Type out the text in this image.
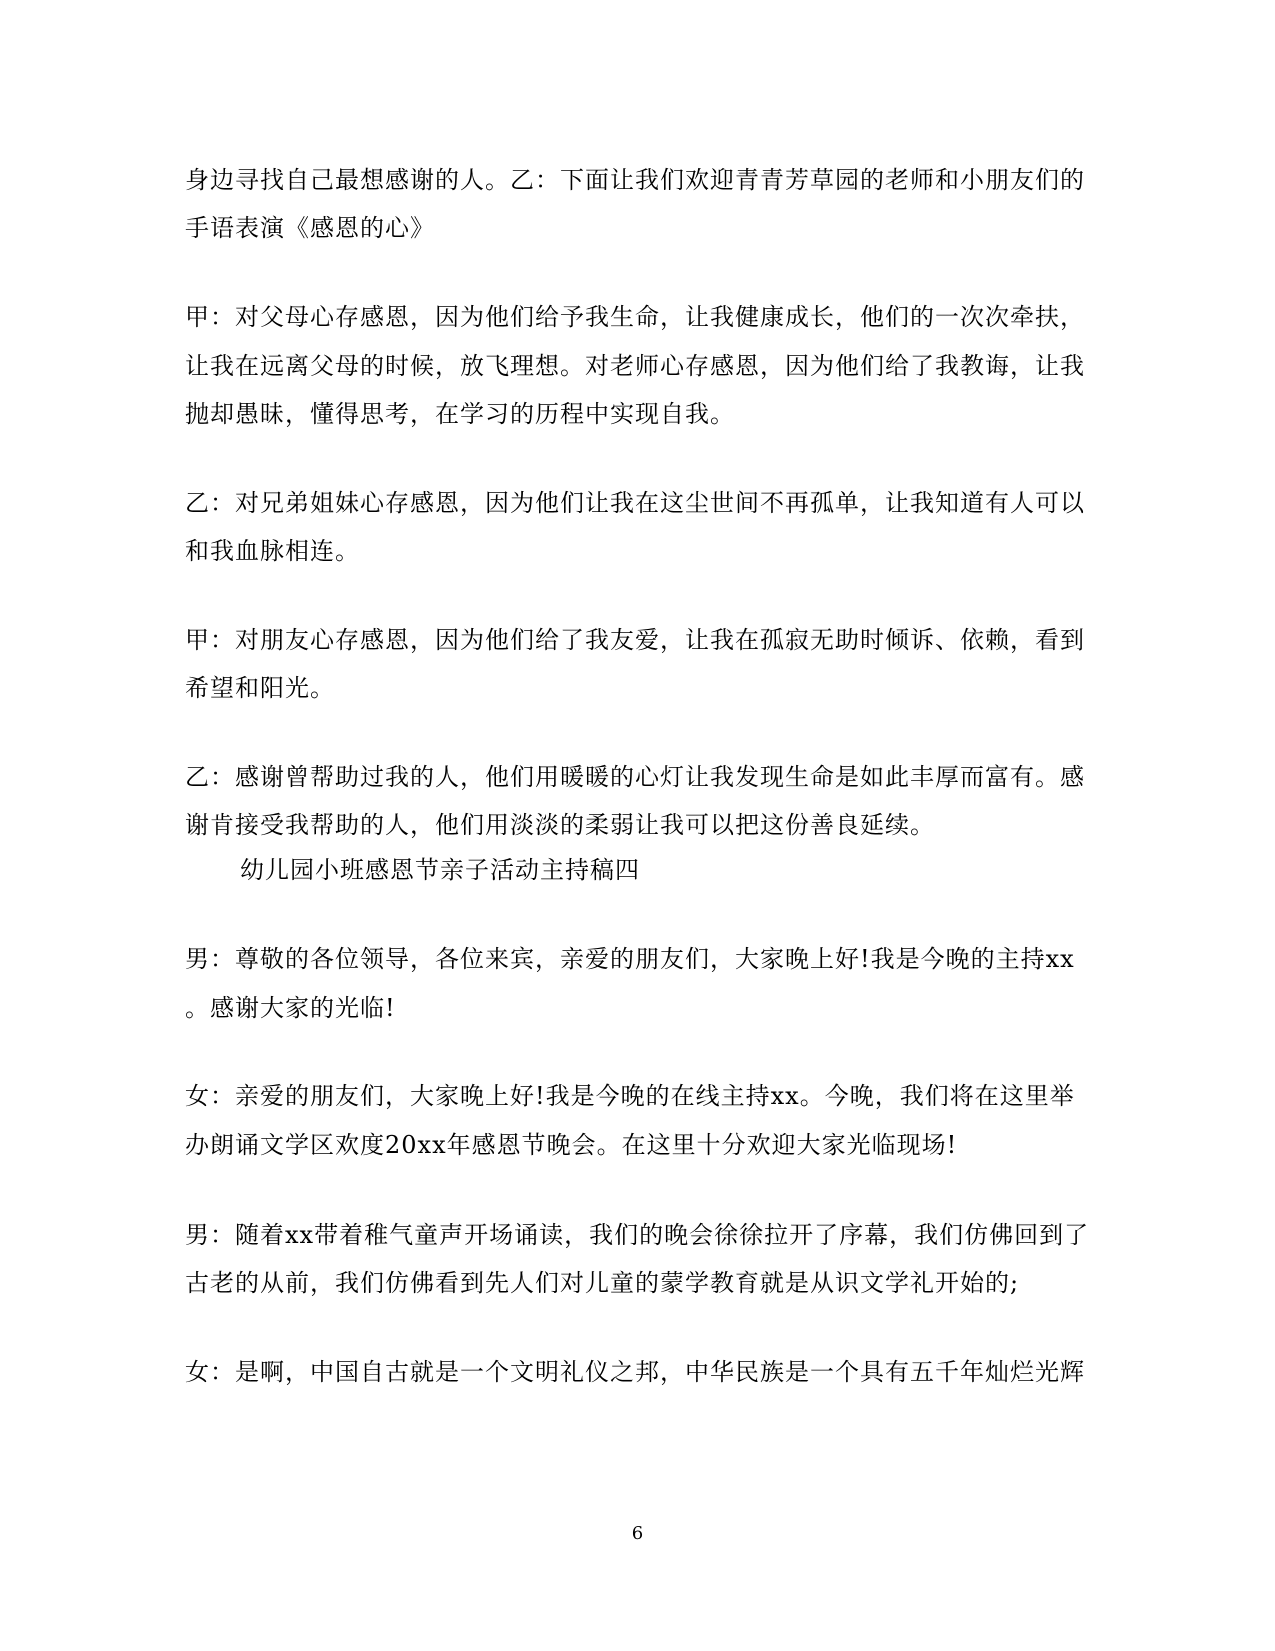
身边寻找自己最想感谢的人。乙：下面让我们欢迎青青芳草园的老师和小朋友们的
手语表演《感恩的心》
甲：对父母心存感恩，因为他们给予我生命，让我健康成长，他们的一次次牵扶，
让我在远离父母的时候，放飞理想。对老师心存感恩，因为他们给了我教诲，让我
抛却愚昧，懂得思考，在学习的历程中实现自我。
乙：对兄弟姐妹心存感恩，因为他们让我在这尘世间不再孤单，让我知道有人可以
和我血脉相连。
甲：对朋友心存感恩，因为他们给了我友爱，让我在孤寂无助时倾诉、依赖，看到
希望和阳光。
乙：感谢曾帮助过我的人，他们用暖暖的心灯让我发现生命是如此丰厚而富有。感
谢肯接受我帮助的人，他们用淡淡的柔弱让我可以把这份善良延续。
幼儿园小班感恩节亲子活动主持稿四
男：尊敬的各位领导，各位来宾，亲爱的朋友们，大家晚上好!我是今晚的主持xx
。感谢大家的光临!
女：亲爱的朋友们，大家晚上好!我是今晚的在线主持xx。今晚，我们将在这里举
办朗诵文学区欢度20xx年感恩节晚会。在这里十分欢迎大家光临现场!
男：随着xx带着稚气童声开场诵读，我们的晚会徐徐拉开了序幕，我们仿佛回到了
古老的从前，我们仿佛看到先人们对儿童的蒙学教育就是从识文学礼开始的;
女：是啊，中国自古就是一个文明礼仪之邦，中华民族是一个具有五千年灿烂光辉
6
